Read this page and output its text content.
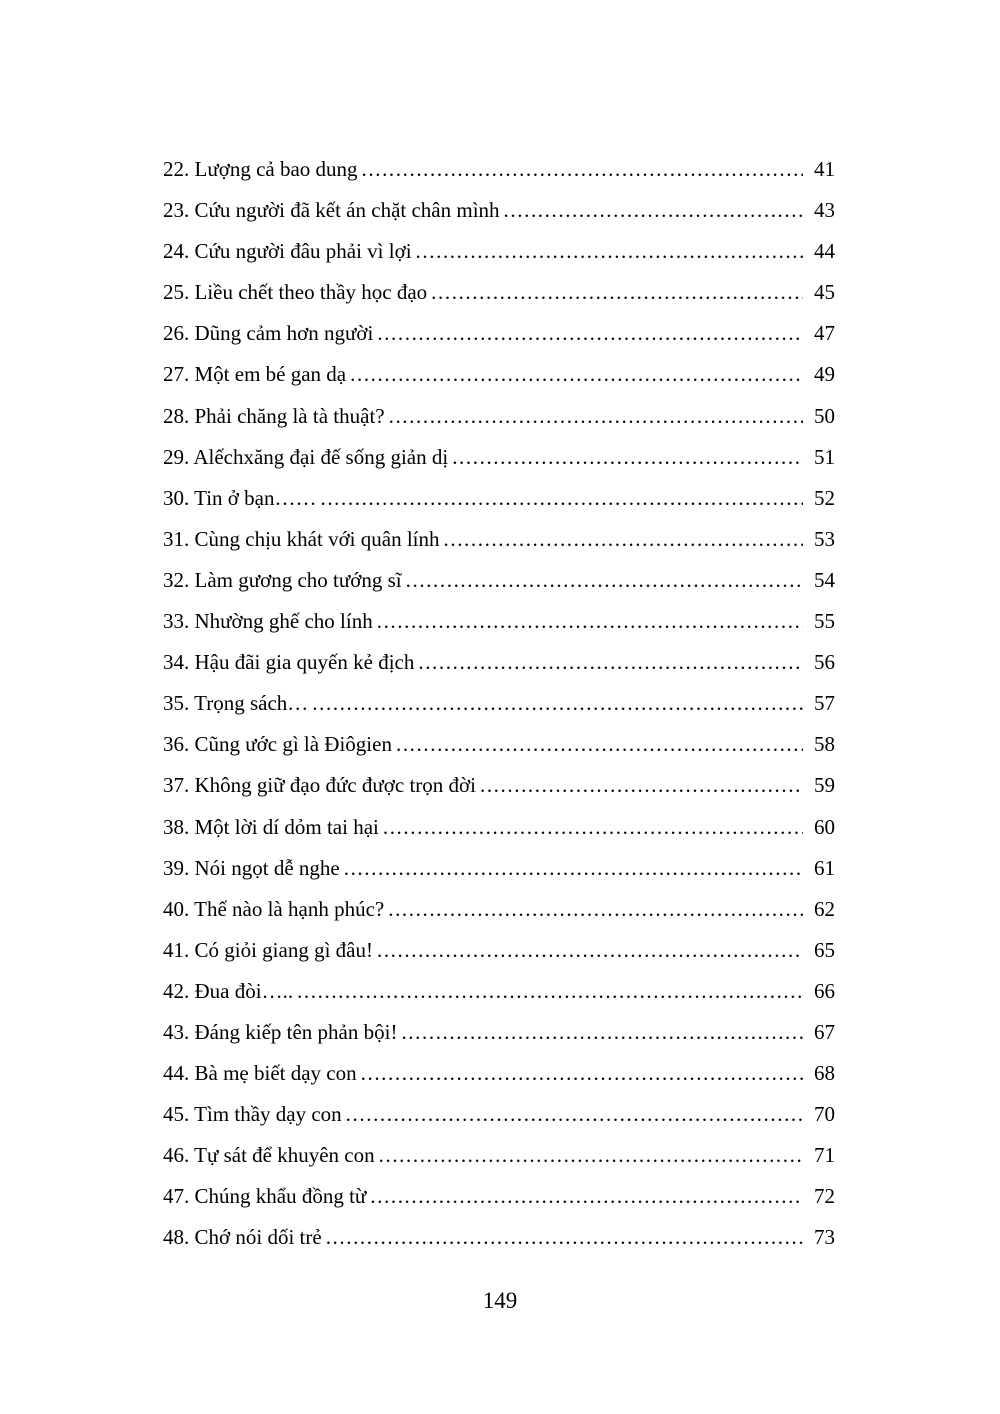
22. Lượng cả bao dung .....	41
23. Cứu người đã kết án chặt chân mình .....	43
24. Cứu người đâu phải vì lợi .....	44
25. Liều chết theo thầy học đạo .....	45
26. Dũng cảm hơn người .....	47
27. Một em bé gan dạ .....	49
28. Phải chăng là tà thuật? .....	50
29. Alếchxăng đại đế sống giản dị .....	51
30. Tin ở bạn…… .....	52
31. Cùng chịu khát với quân lính .....	53
32. Làm gương cho tướng sĩ .....	54
33. Nhường ghế cho lính .....	55
34. Hậu đãi gia quyến kẻ địch .....	56
35. Trọng sách… .....	57
36. Cũng ước gì là Điôgien .....	58
37. Không giữ đạo đức được trọn đời .....	59
38. Một lời dí dỏm tai hại .....	60
39. Nói ngọt dễ nghe .....	61
40. Thế nào là hạnh phúc? .....	62
41. Có giỏi giang gì đâu! .....	65
42. Đua đòi….. .....	66
43. Đáng kiếp tên phản bội! .....	67
44. Bà mẹ biết dạy con .....	68
45. Tìm thầy dạy con .....	70
46. Tự sát để khuyên con .....	71
47. Chúng khẩu đồng từ .....	72
48. Chớ nói dối trẻ .....	73
149
